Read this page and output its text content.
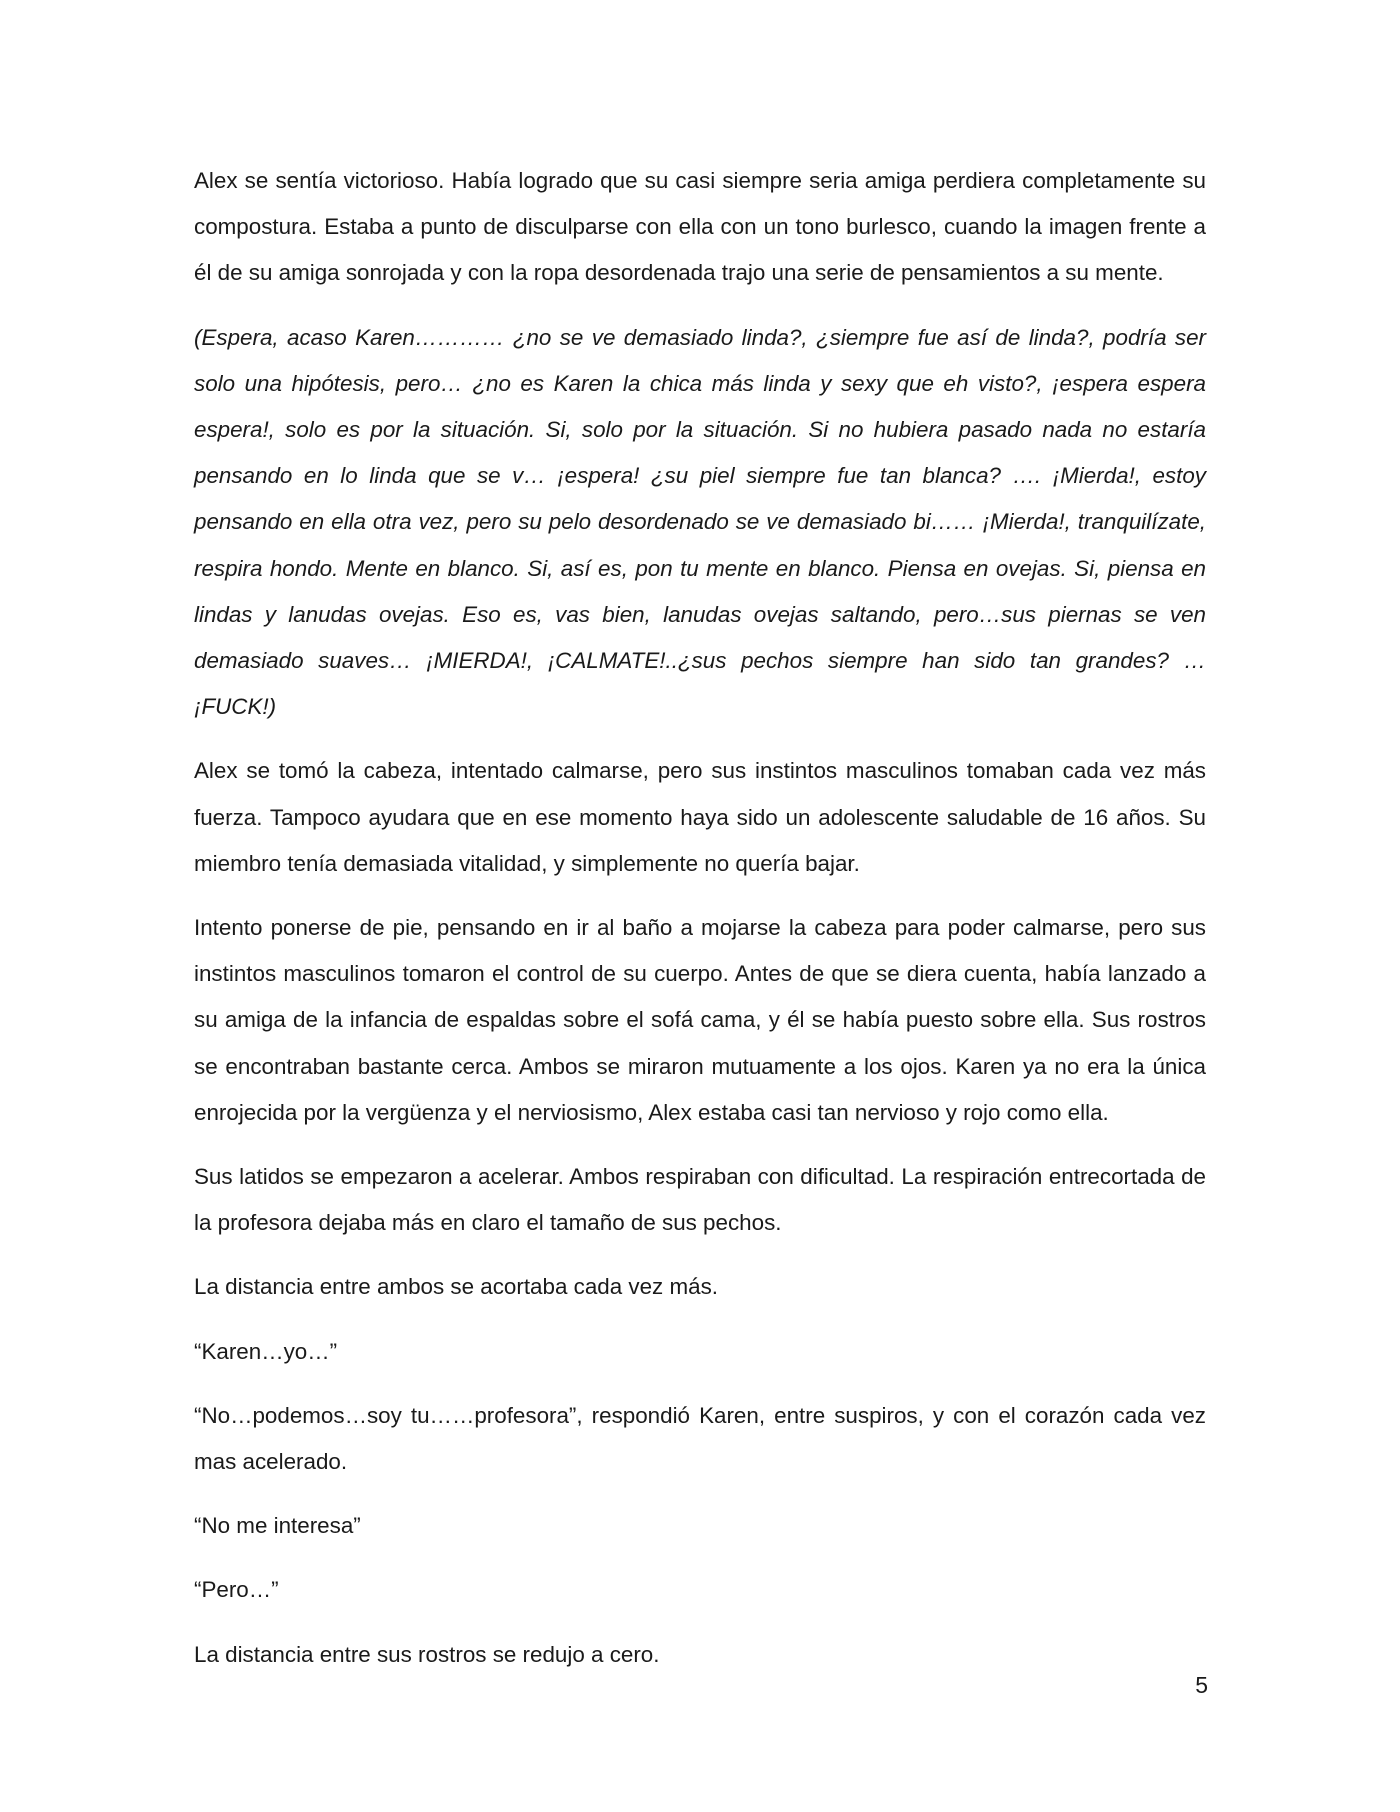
Alex se sentía victorioso. Había logrado que su casi siempre seria amiga perdiera completamente su compostura. Estaba a punto de disculparse con ella con un tono burlesco, cuando la imagen frente a él de su amiga sonrojada y con la ropa desordenada trajo una serie de pensamientos a su mente.

(Espera, acaso Karen………… ¿no se ve demasiado linda?, ¿siempre fue así de linda?, podría ser solo una hipótesis, pero… ¿no es Karen la chica más linda y sexy que eh visto?, ¡espera espera espera!, solo es por la situación. Si, solo por la situación. Si no hubiera pasado nada no estaría pensando en lo linda que se v… ¡espera! ¿su piel siempre fue tan blanca? …. ¡Mierda!, estoy pensando en ella otra vez, pero su pelo desordenado se ve demasiado bi…… ¡Mierda!, tranquilízate, respira hondo. Mente en blanco. Si, así es, pon tu mente en blanco. Piensa en ovejas. Si, piensa en lindas y lanudas ovejas. Eso es, vas bien, lanudas ovejas saltando, pero…sus piernas se ven demasiado suaves… ¡MIERDA!, ¡CALMATE!..¿sus pechos siempre han sido tan grandes? … ¡FUCK!)

Alex se tomó la cabeza, intentado calmarse, pero sus instintos masculinos tomaban cada vez más fuerza. Tampoco ayudara que en ese momento haya sido un adolescente saludable de 16 años. Su miembro tenía demasiada vitalidad, y simplemente no quería bajar.

Intento ponerse de pie, pensando en ir al baño a mojarse la cabeza para poder calmarse, pero sus instintos masculinos tomaron el control de su cuerpo. Antes de que se diera cuenta, había lanzado a su amiga de la infancia de espaldas sobre el sofá cama, y él se había puesto sobre ella. Sus rostros se encontraban bastante cerca. Ambos se miraron mutuamente a los ojos. Karen ya no era la única enrojecida por la vergüenza y el nerviosismo, Alex estaba casi tan nervioso y rojo como ella.

Sus latidos se empezaron a acelerar. Ambos respiraban con dificultad. La respiración entrecortada de la profesora dejaba más en claro el tamaño de sus pechos.

La distancia entre ambos se acortaba cada vez más.

“Karen…yo…”

“No…podemos…soy tu……profesora”, respondió Karen, entre suspiros, y con el corazón cada vez mas acelerado.

“No me interesa”

“Pero…”

La distancia entre sus rostros se redujo a cero.

5
